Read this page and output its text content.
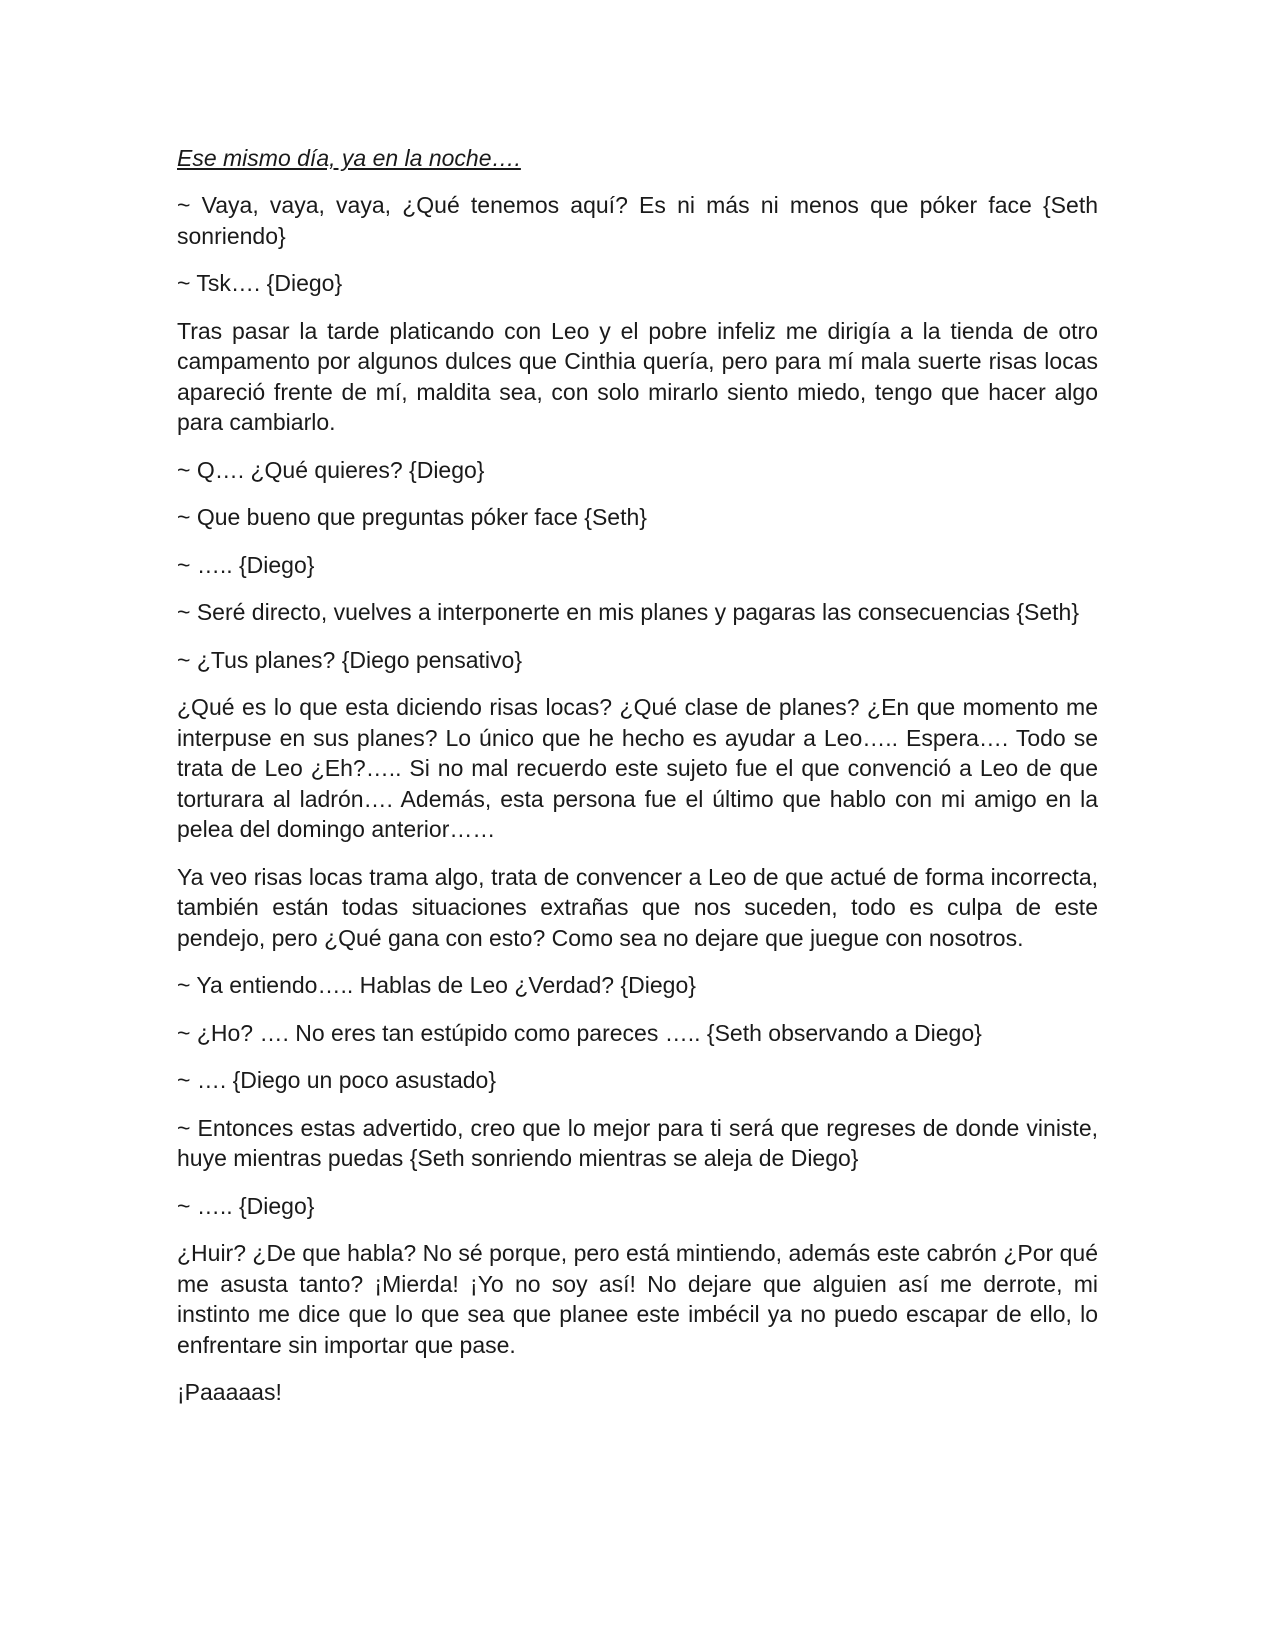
Ese mismo día, ya en la noche….

~ Vaya, vaya, vaya, ¿Qué tenemos aquí? Es ni más ni menos que póker face {Seth sonriendo}

~ Tsk…. {Diego}

Tras pasar la tarde platicando con Leo y el pobre infeliz me dirigía a la tienda de otro campamento por algunos dulces que Cinthia quería, pero para mí mala suerte risas locas apareció frente de mí, maldita sea, con solo mirarlo siento miedo, tengo que hacer algo para cambiarlo.

~ Q…. ¿Qué quieres? {Diego}

~ Que bueno que preguntas póker face {Seth}

~ ….. {Diego}

~ Seré directo, vuelves a interponerte en mis planes y pagaras las consecuencias {Seth}

~ ¿Tus planes? {Diego pensativo}

¿Qué es lo que esta diciendo risas locas? ¿Qué clase de planes? ¿En que momento me interpuse en sus planes? Lo único que he hecho es ayudar a Leo….. Espera…. Todo se trata de Leo ¿Eh?….. Si no mal recuerdo este sujeto fue el que convenció a Leo de que torturara al ladrón…. Además, esta persona fue el último que hablo con mi amigo en la pelea del domingo anterior……

Ya veo risas locas trama algo, trata de convencer a Leo de que actué de forma incorrecta, también están todas situaciones extrañas que nos suceden, todo es culpa de este pendejo, pero ¿Qué gana con esto? Como sea no dejare que juegue con nosotros.

~ Ya entiendo….. Hablas de Leo ¿Verdad? {Diego}

~ ¿Ho? …. No eres tan estúpido como pareces ….. {Seth observando a Diego}

~ …. {Diego un poco asustado}

~ Entonces estas advertido, creo que lo mejor para ti será que regreses de donde viniste, huye mientras puedas {Seth sonriendo mientras se aleja de Diego}

~ ….. {Diego}

¿Huir? ¿De que habla? No sé porque, pero está mintiendo, además este cabrón ¿Por qué me asusta tanto? ¡Mierda! ¡Yo no soy así! No dejare que alguien así me derrote, mi instinto me dice que lo que sea que planee este imbécil ya no puedo escapar de ello, lo enfrentare sin importar que pase.

¡Paaaaas!
